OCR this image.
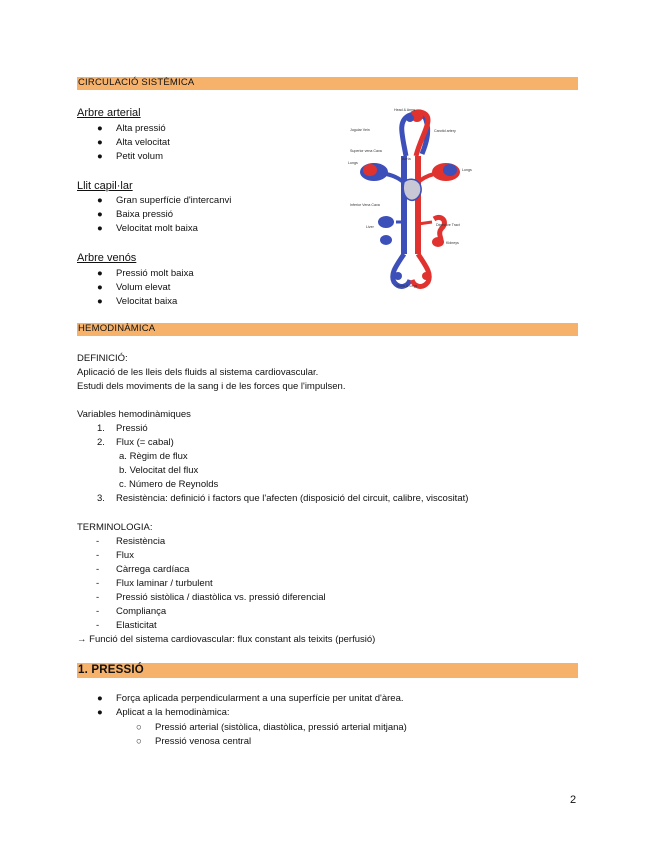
CIRCULACIÓ SISTÈMICA
Arbre arterial
● Alta pressió
● Alta velocitat
● Petit volum
Llit capil·lar
● Gran superfície d'intercanvi
● Baixa pressió
● Velocitat molt baixa
Arbre venós
● Pressió molt baixa
● Volum elevat
● Velocitat baixa
Head & Arms
Jugular Vein	Carotid artery
Superior vena Cava
Aorta
Lungs
Lungs
Inferior Vena Cava
Liver	Digestive Tract
Kidneys
Trunk & Legs
HEMODINÀMICA
DEFINICIÓ:
Aplicació de les lleis dels fluids al sistema cardiovascular.
Estudi dels moviments de la sang i de les forces que l'impulsen.
Variables hemodinàmiques
1. Pressió
2. Flux (= cabal)
a. Règim de flux
b. Velocitat del flux
c. Número de Reynolds
3. Resistència: definició i factors que l'afecten (disposició del circuit, calibre, viscositat)
TERMINOLOGIA:
- Resistència
- Flux
- Càrrega cardíaca
- Flux laminar / turbulent
- Pressió sistòlica / diastòlica vs. pressió diferencial
- Compliança
- Elasticitat
→ Funció del sistema cardiovascular: flux constant als teixits (perfusió)
1. PRESSIÓ
● Força aplicada perpendicularment a una superfície per unitat d'àrea.
● Aplicat a la hemodinàmica:
○ Pressió arterial (sistòlica, diastòlica, pressió arterial mitjana)
○ Pressió venosa central
2
